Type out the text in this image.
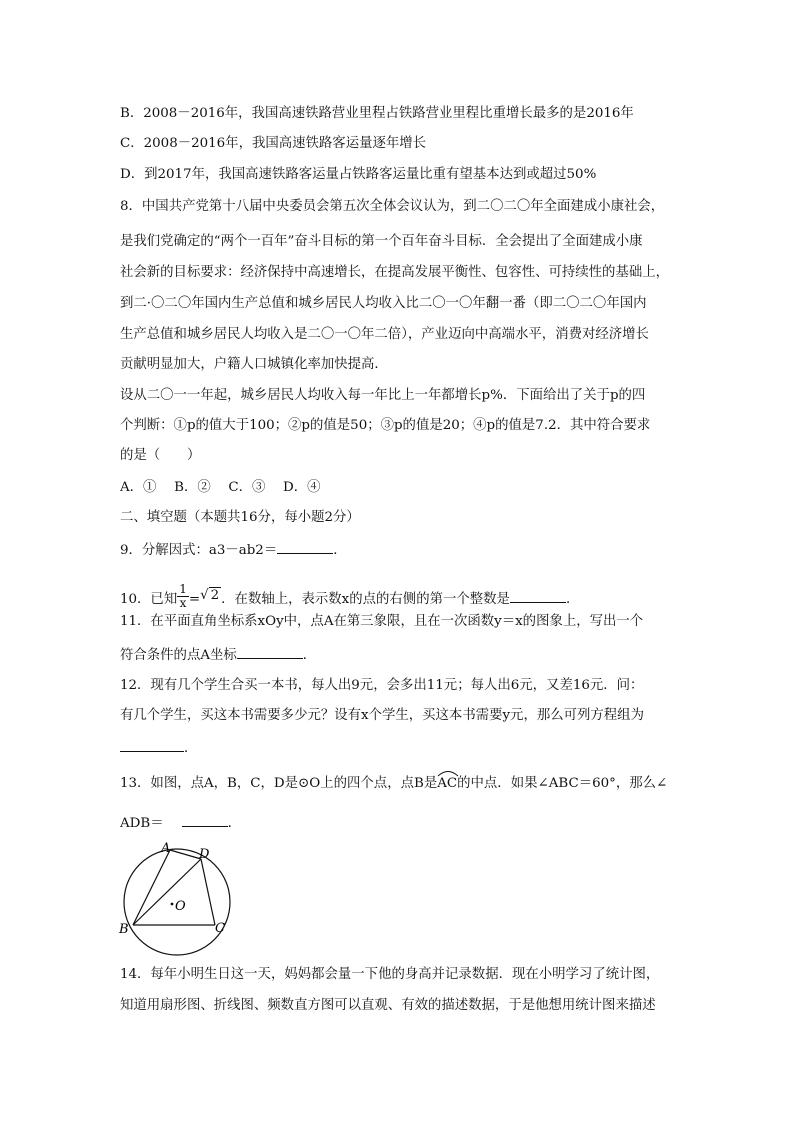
B．2008－2016年，我国高速铁路营业里程占铁路营业里程比重增长最多的是2016年
C．2008－2016年，我国高速铁路客运量逐年增长
D．到2017年，我国高速铁路客运量占铁路客运量比重有望基本达到或超过50%
8．中国共产党第十八届中央委员会第五次全体会议认为，到二〇二〇年全面建成小康社会，
是我们党确定的“两个一百年”奋斗目标的第一个百年奋斗目标．全会提出了全面建成小康
社会新的目标要求：经济保持中高速增长，在提高发展平衡性、包容性、可持续性的基础上，
到二·〇二〇年国内生产总值和城乡居民人均收入比二〇一〇年翻一番（即二〇二〇年国内
生产总值和城乡居民人均收入是二〇一〇年二倍），产业迈向中高端水平，消费对经济增长
贡献明显加大，户籍人口城镇化率加快提高．
设从二〇一一年起，城乡居民人均收入每一年比上一年都增长p%．下面给出了关于p的四
个判断：①p的值大于100；②p的值是50；③p的值是20；④p的值是7.2．其中符合要求
的是（　　）
A．①　 B．②　 C．③　 D．④
二、填空题（本题共16分，每小题2分）
9．分解因式：a3－ab2＝	．
10．已知 $\frac{1}{x}$ =√ 2 ．在数轴上，表示数x的点的右侧的第一个整数是	．
11．在平面直角坐标系xOy中，点A在第三象限，且在一次函数y＝x的图象上，写出一个
符合条件的点A坐标	．
12．现有几个学生合买一本书，每人出9元，会多出11元；每人出6元，又差16元．问：
有几个学生，买这本书需要多少元？设有x个学生，买这本书需要y元，那么可列方程组为
．
13．如图，点A，B，C，D是⊙O上的四个点，点B是
AC的中点．如果∠ABC＝60°，那么∠
ADB＝	．
A D
O
B	C
14．每年小明生日这一天，妈妈都会量一下他的身高并记录数据．现在小明学习了统计图，
知道用扇形图、折线图、频数直方图可以直观、有效的描述数据，于是他想用统计图来描述
